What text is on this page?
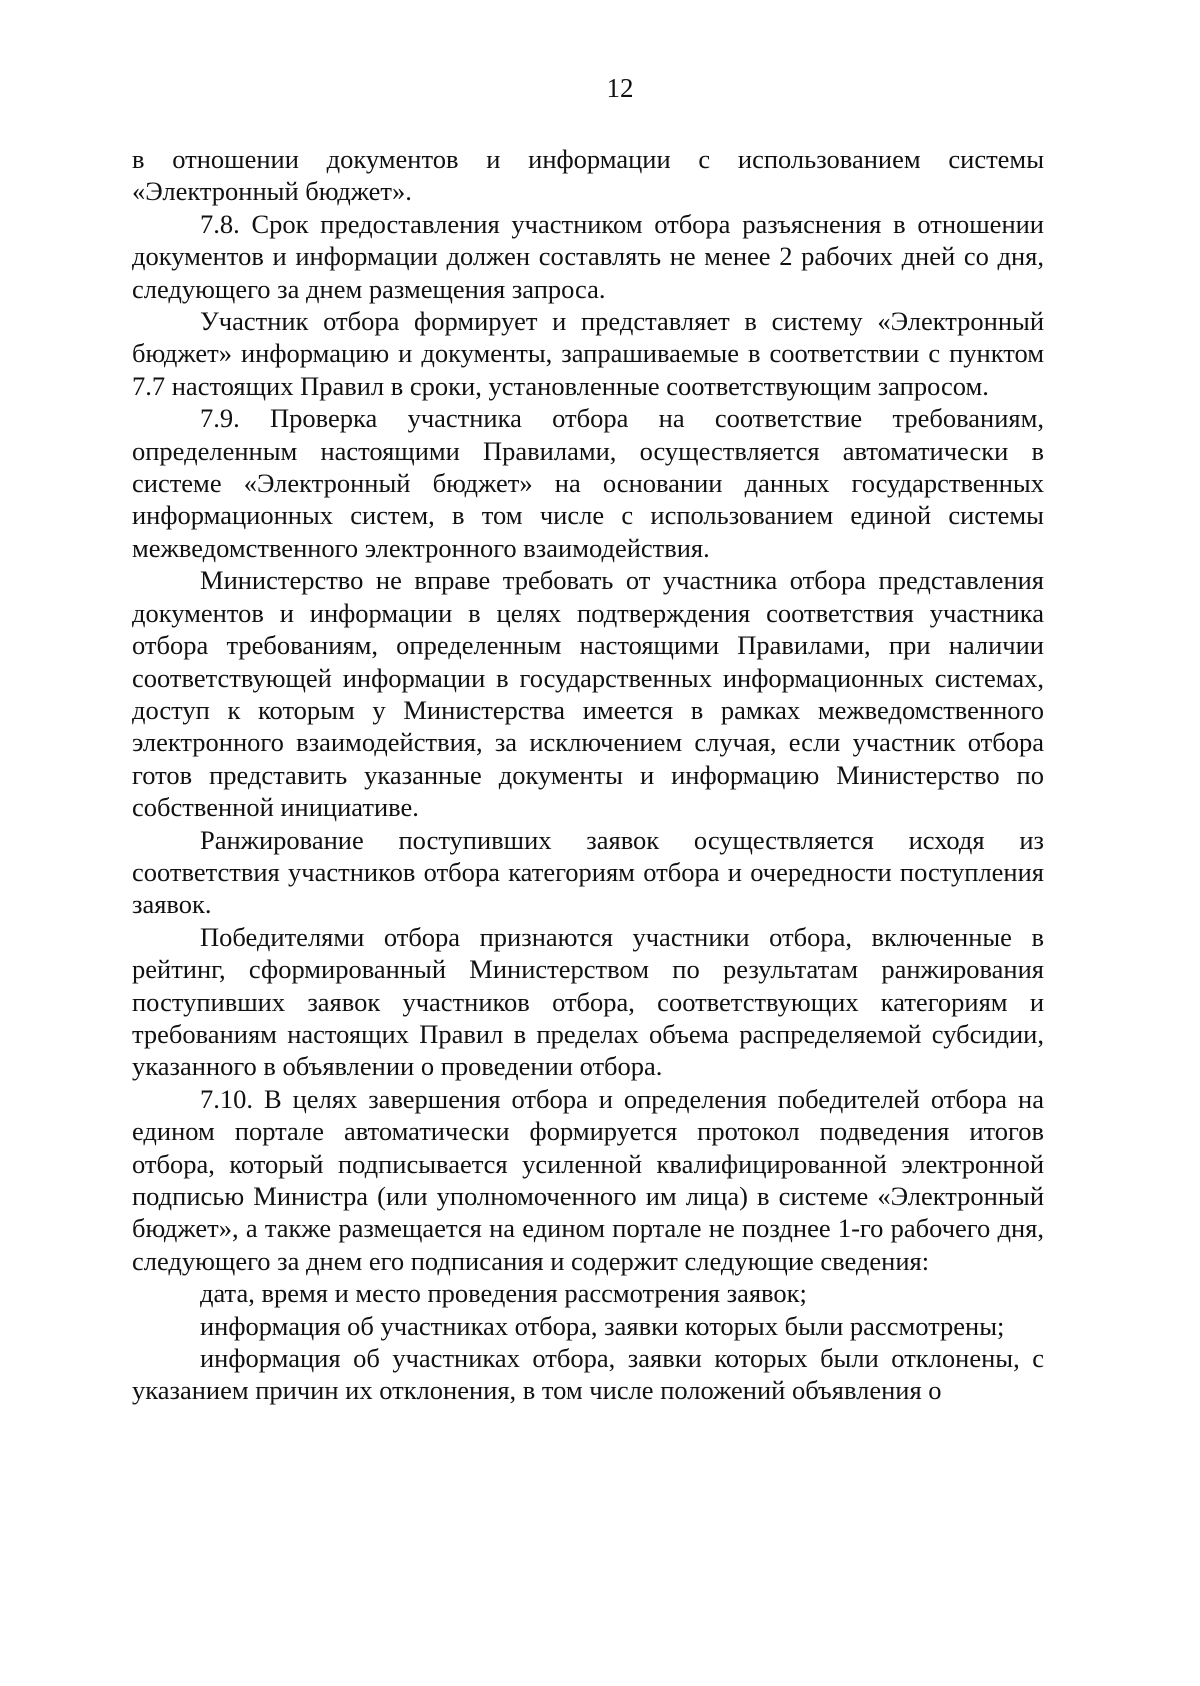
12

в отношении документов и информации с использованием системы «Электронный бюджет».

7.8. Срок предоставления участником отбора разъяснения в отношении документов и информации должен составлять не менее 2 рабочих дней со дня, следующего за днем размещения запроса.

Участник отбора формирует и представляет в систему «Электронный бюджет» информацию и документы, запрашиваемые в соответствии с пунктом 7.7 настоящих Правил в сроки, установленные соответствующим запросом.

7.9. Проверка участника отбора на соответствие требованиям, определенным настоящими Правилами, осуществляется автоматически в системе «Электронный бюджет» на основании данных государственных информационных систем, в том числе с использованием единой системы межведомственного электронного взаимодействия.

Министерство не вправе требовать от участника отбора представления документов и информации в целях подтверждения соответствия участника отбора требованиям, определенным настоящими Правилами, при наличии соответствующей информации в государственных информационных системах, доступ к которым у Министерства имеется в рамках межведомственного электронного взаимодействия, за исключением случая, если участник отбора готов представить указанные документы и информацию Министерство по собственной инициативе.

Ранжирование поступивших заявок осуществляется исходя из соответствия участников отбора категориям отбора и очередности поступления заявок.

Победителями отбора признаются участники отбора, включенные в рейтинг, сформированный Министерством по результатам ранжирования поступивших заявок участников отбора, соответствующих категориям и требованиям настоящих Правил в пределах объема распределяемой субсидии, указанного в объявлении о проведении отбора.

7.10. В целях завершения отбора и определения победителей отбора на едином портале автоматически формируется протокол подведения итогов отбора, который подписывается усиленной квалифицированной электронной подписью Министра (или уполномоченного им лица) в системе «Электронный бюджет», а также размещается на едином портале не позднее 1-го рабочего дня, следующего за днем его подписания и содержит следующие сведения:

дата, время и место проведения рассмотрения заявок;

информация об участниках отбора, заявки которых были рассмотрены;

информация об участниках отбора, заявки которых были отклонены, с указанием причин их отклонения, в том числе положений объявления о
